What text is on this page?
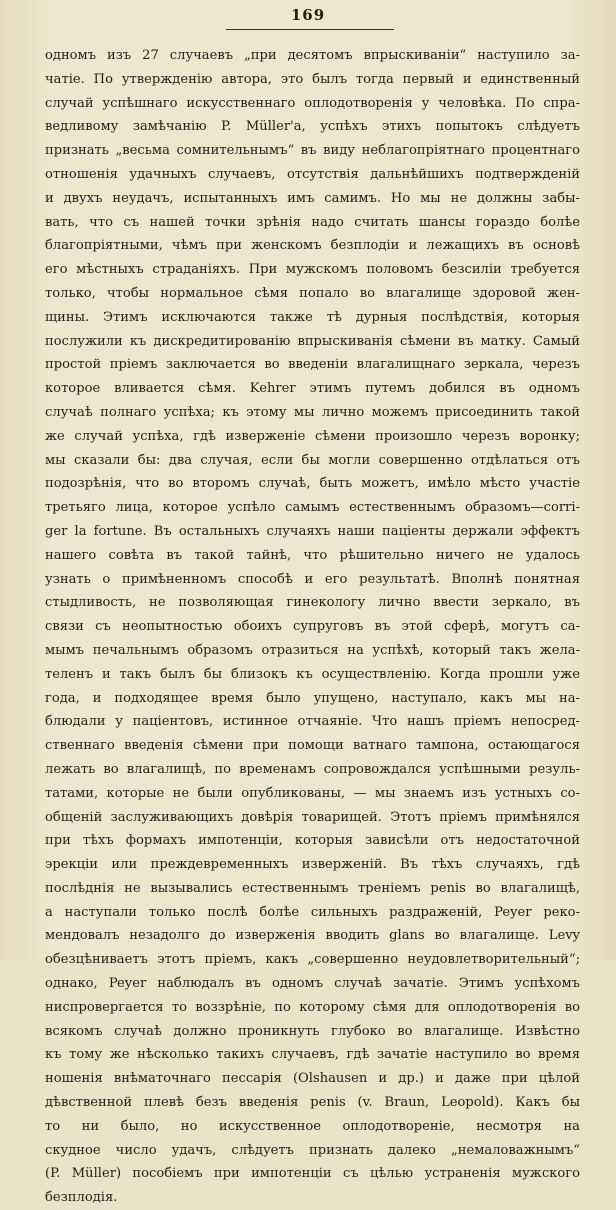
169
одномъ изъ 27 случаевъ „при десятомъ впрыскиваніи“ наступило за-
чатіе. По утвержденію автора, это былъ тогда первый и единственный
случай успѣшнаго искусственнаго оплодотворенія у человѣка. По спра-
ведливому замѣчанію P. Müller'а, успѣхъ этихъ попытокъ слѣдуетъ
признать „весьма сомнительнымъ“ въ виду неблагопріятнаго процентнаго
отношенія удачныхъ случаевъ, отсутствія дальнѣйшихъ подтвержденій
и двухъ неудачъ, испытанныхъ имъ самимъ. Но мы не должны забы-
вать, что съ нашей точки зрѣнія надо считать шансы гораздо болѣе
благопріятными, чѣмъ при женскомъ безплодіи и лежащихъ въ основѣ
его мѣстныхъ страданіяхъ. При мужскомъ половомъ безсиліи требуется
только, чтобы нормальное сѣмя попало во влагалище здоровой жен-
щины. Этимъ исключаются также тѣ дурныя послѣдствія, которыя
послужили къ дискредитированію впрыскиванія сѣмени въ матку. Самый
простой пріемъ заключается во введеніи влагалищнаго зеркала, черезъ
которое вливается сѣмя. Kehrer этимъ путемъ добился въ одномъ
случаѣ полнаго успѣха; къ этому мы лично можемъ присоединить такой
же случай успѣха, гдѣ изверженіе сѣмени произошло черезъ воронку;
мы сказали бы: два случая, если бы могли совершенно отдѣлаться отъ
подозрѣнія, что во второмъ случаѣ, быть можетъ, имѣло мѣсто участіе
третьяго лица, которое успѣло самымъ естественнымъ образомъ—corri-
ger la fortune. Въ остальныхъ случаяхъ наши паціенты держали эффектъ
нашего совѣта въ такой тайнѣ, что рѣшительно ничего не удалось
узнать о примѣненномъ способѣ и его результатѣ. Вполнѣ понятная
стыдливость, не позволяющая гинекологу лично ввести зеркало, въ
связи съ неопытностью обоихъ супруговъ въ этой сферѣ, могутъ са-
мымъ печальнымъ образомъ отразиться на успѣхѣ, который такъ жела-
теленъ и такъ былъ бы близокъ къ осуществленію. Когда прошли уже
года, и подходящее время было упущено, наступало, какъ мы на-
блюдали у паціентовъ, истинное отчаяніе. Что нашъ пріемъ непосред-
ственнаго введенія сѣмени при помощи ватнаго тампона, остающагося
лежать во влагалищѣ, по временамъ сопровождался успѣшными резуль-
татами, которые не были опубликованы, — мы знаемъ изъ устныхъ со-
общеній заслуживающихъ довѣрія товарищей. Этотъ пріемъ примѣнялся
при тѣхъ формахъ импотенціи, которыя зависѣли отъ недостаточной
эрекціи или преждевременныхъ изверженій. Въ тѣхъ случаяхъ, гдѣ
послѣднія не вызывались естественнымъ треніемъ penis во влагалищѣ,
а наступали только послѣ болѣе сильныхъ раздраженій, Peyer реко-
мендовалъ незадолго до изверженія вводить glans во влагалище. Levy
обезцѣниваетъ этотъ пріемъ, какъ „совершенно неудовлетворительный“;
однако, Peyer наблюдалъ въ одномъ случаѣ зачатіе. Этимъ успѣхомъ
ниспровергается то воззрѣніе, по которому сѣмя для оплодотворенія во
всякомъ случаѣ должно проникнуть глубоко во влагалище. Извѣстно
къ тому же нѣсколько такихъ случаевъ, гдѣ зачатіе наступило во время
ношенія внѣматочнаго пессарія (Olshausen и др.) и даже при цѣлой
дѣвственной плевѣ безъ введенія penis (v. Braun, Leopold). Какъ бы
то ни было, но искусственное оплодотвореніе, несмотря на
скудное число удачъ, слѣдуетъ признать далеко „немаловажнымъ“
(P. Müller) пособіемъ при импотенціи съ цѣлью устраненія мужского
безплодія.
